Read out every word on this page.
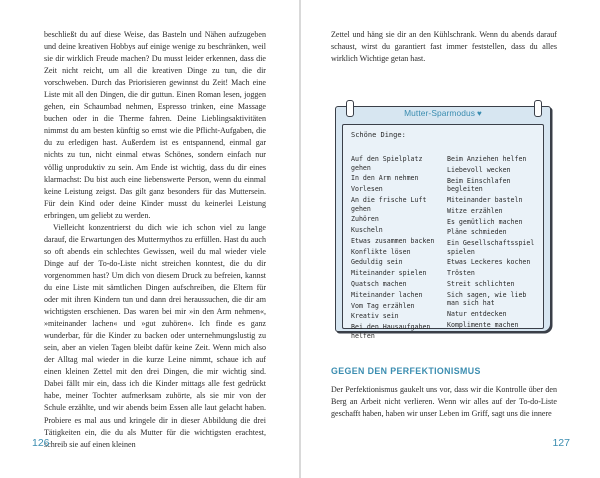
beschließt du auf diese Weise, das Basteln und Nähen aufzugeben und deine kreativen Hobbys auf einige wenige zu beschränken, weil sie dir wirklich Freude machen? Du musst leider erkennen, dass die Zeit nicht reicht, um all die kreativen Dinge zu tun, die dir vorschweben. Durch das Priorisieren gewinnst du Zeit! Mach eine Liste mit all den Dingen, die dir guttun. Einen Roman lesen, joggen gehen, ein Schaumbad nehmen, Espresso trinken, eine Massage buchen oder in die Therme fahren. Deine Lieblingsaktivitäten nimmst du am besten künftig so ernst wie die Pflicht-Aufgaben, die du zu erledigen hast. Außerdem ist es entspannend, einmal gar nichts zu tun, nicht einmal etwas Schönes, sondern einfach nur völlig unproduktiv zu sein. Am Ende ist wichtig, dass du dir eines klarmachst: Du bist auch eine liebenswerte Person, wenn du einmal keine Leistung zeigst. Das gilt ganz besonders für das Muttersein. Für dein Kind oder deine Kinder musst du keinerlei Leistung erbringen, um geliebt zu werden.

Vielleicht konzentrierst du dich wie ich schon viel zu lange darauf, die Erwartungen des Muttermythos zu erfüllen. Hast du auch so oft abends ein schlechtes Gewissen, weil du mal wieder viele Dinge auf der To-do-Liste nicht streichen konntest, die du dir vorgenommen hast? Um dich von diesem Druck zu befreien, kannst du eine Liste mit sämtlichen Dingen aufschreiben, die Eltern für oder mit ihren Kindern tun und dann drei heraussuchen, die dir am wichtigsten erschienen. Das waren bei mir »in den Arm nehmen«, »miteinander lachen« und »gut zuhören«. Ich finde es ganz wunderbar, für die Kinder zu backen oder unternehmungslustig zu sein, aber an vielen Tagen bleibt dafür keine Zeit. Wenn mich also der Alltag mal wieder in die kurze Leine nimmt, schaue ich auf einen kleinen Zettel mit den drei Dingen, die mir wichtig sind. Dabei fällt mir ein, dass ich die Kinder mittags alle fest gedrückt habe, meiner Tochter aufmerksam zuhörte, als sie mir von der Schule erzählte, und wir abends beim Essen alle laut gelacht haben. Probiere es mal aus und kringele dir in dieser Abbildung die drei Tätigkeiten ein, die du als Mutter für die wichtigsten erachtest, schreib sie auf einen kleinen

126

Zettel und häng sie dir an den Kühlschrank. Wenn du abends darauf schaust, wirst du garantiert fast immer feststellen, dass du alles wirklich Wichtige getan hast.

Mutter-Sparmodus ♥
Schöne Dinge:
Auf den Spielplatz gehen
In den Arm nehmen
Vorlesen
An die frische Luft gehen
Zuhören
Kuscheln
Etwas zusammen backen
Konflikte lösen
Geduldig sein
Miteinander spielen
Quatsch machen
Miteinander lachen
Vom Tag erzählen
Kreativ sein
Bei den Hausaufgaben helfen
Beim Anziehen helfen
Liebevoll wecken
Beim Einschlafen begleiten
Miteinander basteln
Witze erzählen
Es gemütlich machen
Pläne schmieden
Ein Gesellschaftsspiel spielen
Etwas Leckeres kochen
Trösten
Streit schlichten
Sich sagen, wie lieb man sich hat
Natur entdecken
Komplimente machen
GEGEN DEN PERFEKTIONISMUS

Der Perfektionismus gaukelt uns vor, dass wir die Kontrolle über den Berg an Arbeit nicht verlieren. Wenn wir alles auf der To-do-Liste geschafft haben, haben wir unser Leben im Griff, sagt uns die innere

127
